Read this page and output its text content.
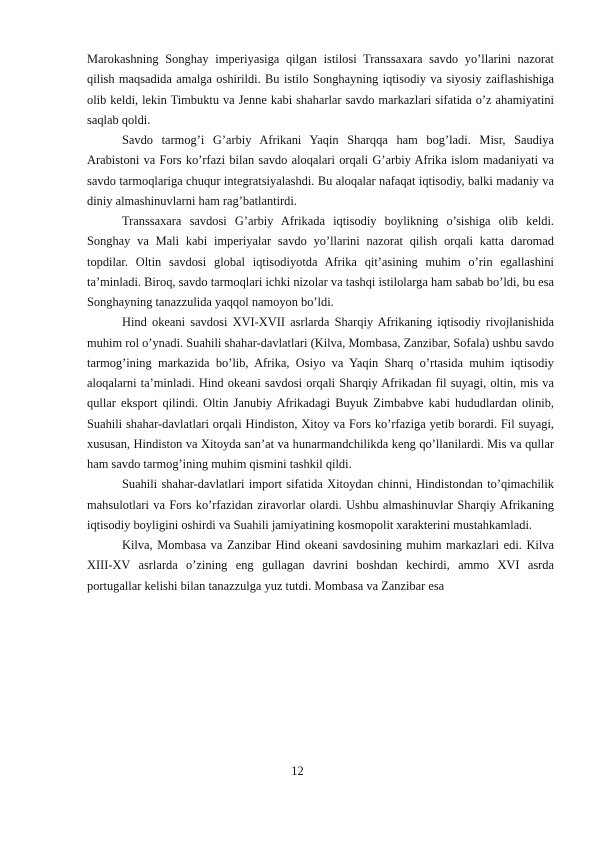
Marokashning Songhay imperiyasiga qilgan istilosi Transsaxara savdo yo’llarini nazorat qilish maqsadida amalga oshirildi. Bu istilo Songhayning iqtisodiy va siyosiy zaiflashishiga olib keldi, lekin Timbuktu va Jenne kabi shaharlar savdo markazlari sifatida o’z ahamiyatini saqlab qoldi.

Savdo tarmog’i G’arbiy Afrikani Yaqin Sharqqa ham bog’ladi. Misr, Saudiya Arabistoni va Fors ko’rfazi bilan savdo aloqalari orqali G’arbiy Afrika islom madaniyati va savdo tarmoqlariga chuqur integratsiyalashdi. Bu aloqalar nafaqat iqtisodiy, balki madaniy va diniy almashinuvlarni ham rag’batlantirdi.

Transsaxara savdosi G’arbiy Afrikada iqtisodiy boylikning o’sishiga olib keldi. Songhay va Mali kabi imperiyalar savdo yo’llarini nazorat qilish orqali katta daromad topdilar. Oltin savdosi global iqtisodiyotda Afrika qit’asining muhim o’rin egallashini ta’minladi. Biroq, savdo tarmoqlari ichki nizolar va tashqi istilolarga ham sabab bo’ldi, bu esa Songhayning tanazzulida yaqqol namoyon bo’ldi.

Hind okeani savdosi XVI-XVII asrlarda Sharqiy Afrikaning iqtisodiy rivojlanishida muhim rol o’ynadi. Suahili shahar-davlatlari (Kilva, Mombasa, Zanzibar, Sofala) ushbu savdo tarmog’ining markazida bo’lib, Afrika, Osiyo va Yaqin Sharq o’rtasida muhim iqtisodiy aloqalarni ta’minladi. Hind okeani savdosi orqali Sharqiy Afrikadan fil suyagi, oltin, mis va qullar eksport qilindi. Oltin Janubiy Afrikadagi Buyuk Zimbabve kabi hududlardan olinib, Suahili shahar-davlatlari orqali Hindiston, Xitoy va Fors ko’rfaziga yetib borardi. Fil suyagi, xususan, Hindiston va Xitoyda san’at va hunarmandchilikda keng qo’llanilardi. Mis va qullar ham savdo tarmog’ining muhim qismini tashkil qildi.

Suahili shahar-davlatlari import sifatida Xitoydan chinni, Hindistondan to’qimachilik mahsulotlari va Fors ko’rfazidan ziravorlar olardi. Ushbu almashinuvlar Sharqiy Afrikaning iqtisodiy boyligini oshirdi va Suahili jamiyatining kosmopolit xarakterini mustahkamladi.

Kilva, Mombasa va Zanzibar Hind okeani savdosining muhim markazlari edi. Kilva XIII-XV asrlarda o’zining eng gullagan davrini boshdan kechirdi, ammo XVI asrda portugallar kelishi bilan tanazzulga yuz tutdi. Mombasa va Zanzibar esa

12
